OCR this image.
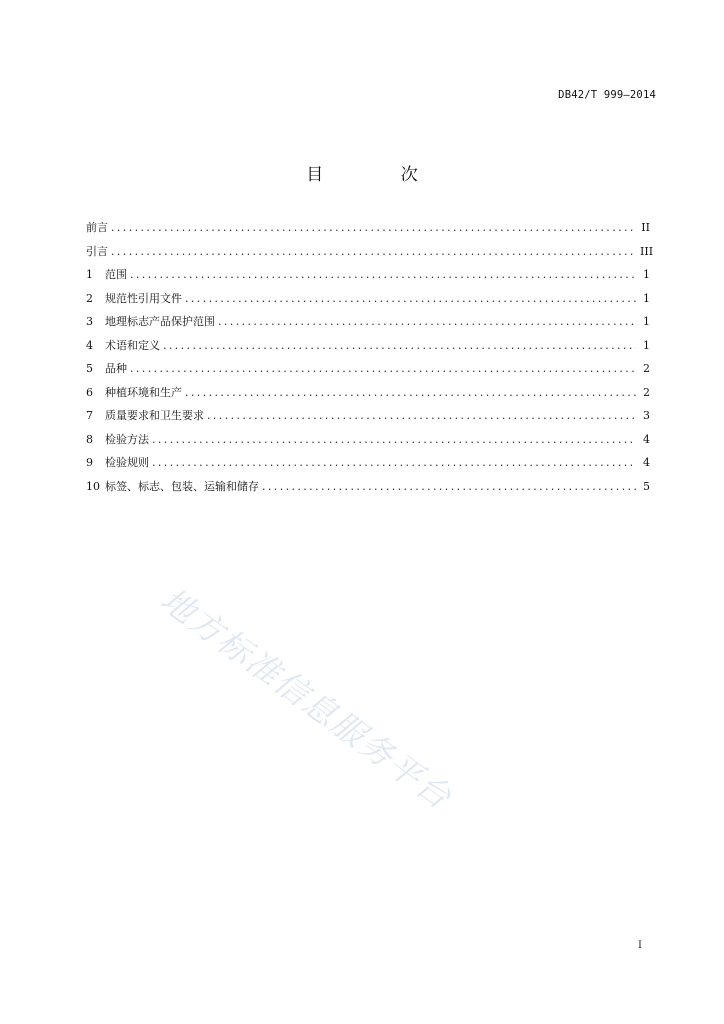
DB42/T 999—2014
目 次
前言 .....	II
引言 .....	III
1	范围 .....	1
2	规范性引用文件 .....	1
3	地理标志产品保护范围 .....	1
4	术语和定义 .....	1
5	品种 .....	2
6	种植环境和生产 .....	2
7	质量要求和卫生要求 .....	3
8	检验方法 .....	4
9	检验规则 .....	4
10 标签、标志、包装、运输和储存 .....	5
地方标准信息服务平台
I
